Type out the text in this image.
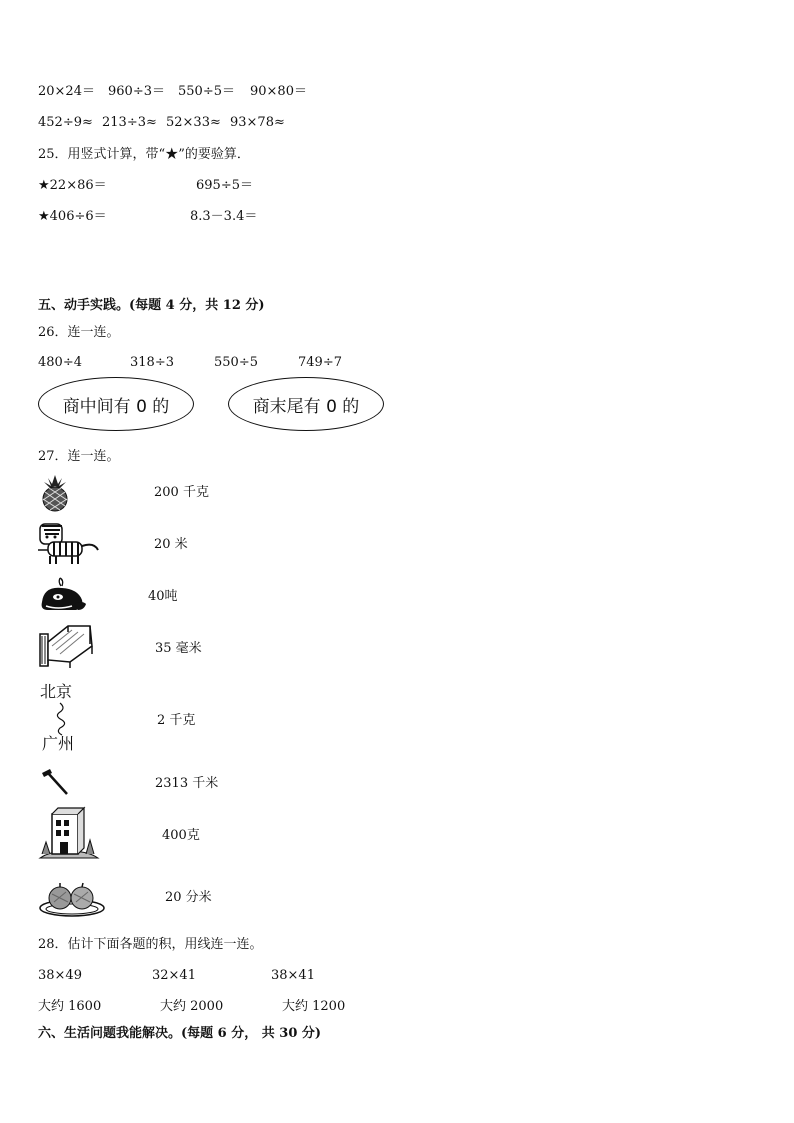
20×24＝ 960÷3＝ 550÷5＝ 90×80＝
452÷9≈ 213÷3≈ 52×33≈ 93×78≈
25．用竖式计算，带“★”的要验算．
★22×86＝	695÷5＝
★406÷6＝	8.3－3.4＝
五、动手实践。(每题 4 分，共 12 分)
26．连一连。
480÷4	318÷3	550÷5	749÷7
商中间有 0 的	商末尾有 0 的
27．连一连。
200 千克
20 米
40吨
35 毫米
北京
广州
2 千克
2313 千米
400克
20 分米
28．估计下面各题的积，用线连一连。
38×49	32×41	38×41
大约 1600	大约 2000	大约 1200
六、生活问题我能解决。(每题 6 分， 共 30 分)
